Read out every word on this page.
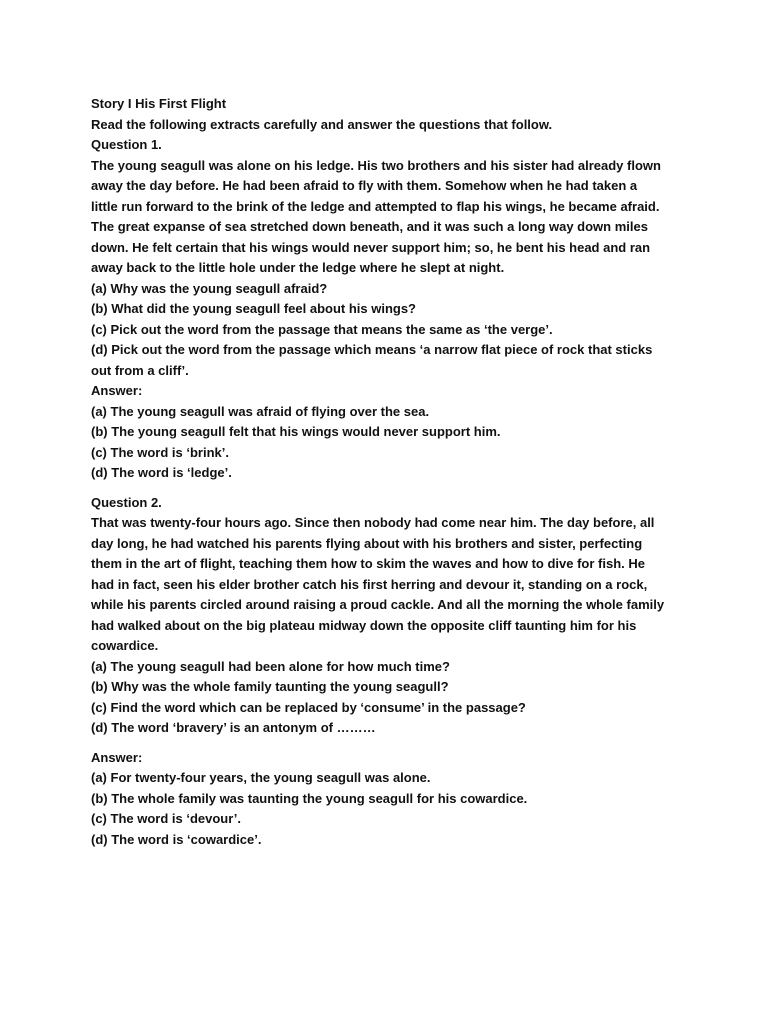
Story I His First Flight
Read the following extracts carefully and answer the questions that follow.
Question 1.
The young seagull was alone on his ledge. His two brothers and his sister had already flown
away the day before. He had been afraid to fly with them. Somehow when he had taken a
little run forward to the brink of the ledge and attempted to flap his wings, he became afraid.
The great expanse of sea stretched down beneath, and it was such a long way down miles
down. He felt certain that his wings would never support him; so, he bent his head and ran
away back to the little hole under the ledge where he slept at night.
(a) Why was the young seagull afraid?
(b) What did the young seagull feel about his wings?
(c) Pick out the word from the passage that means the same as ‘the verge’.
(d) Pick out the word from the passage which means ‘a narrow flat piece of rock that sticks
out from a cliff’.
Answer:
(a) The young seagull was afraid of flying over the sea.
(b) The young seagull felt that his wings would never support him.
(c) The word is ‘brink’.
(d) The word is ‘ledge’.
Question 2.
That was twenty-four hours ago. Since then nobody had come near him. The day before, all
day long, he had watched his parents flying about with his brothers and sister, perfecting
them in the art of flight, teaching them how to skim the waves and how to dive for fish. He
had in fact, seen his elder brother catch his first herring and devour it, standing on a rock,
while his parents circled around raising a proud cackle. And all the morning the whole family
had walked about on the big plateau midway down the opposite cliff taunting him for his
cowardice.
(a) The young seagull had been alone for how much time?
(b) Why was the whole family taunting the young seagull?
(c) Find the word which can be replaced by ‘consume’ in the passage?
(d) The word ‘bravery’ is an antonym of ………
Answer:
(a) For twenty-four years, the young seagull was alone.
(b) The whole family was taunting the young seagull for his cowardice.
(c) The word is ‘devour’.
(d) The word is ‘cowardice’.
